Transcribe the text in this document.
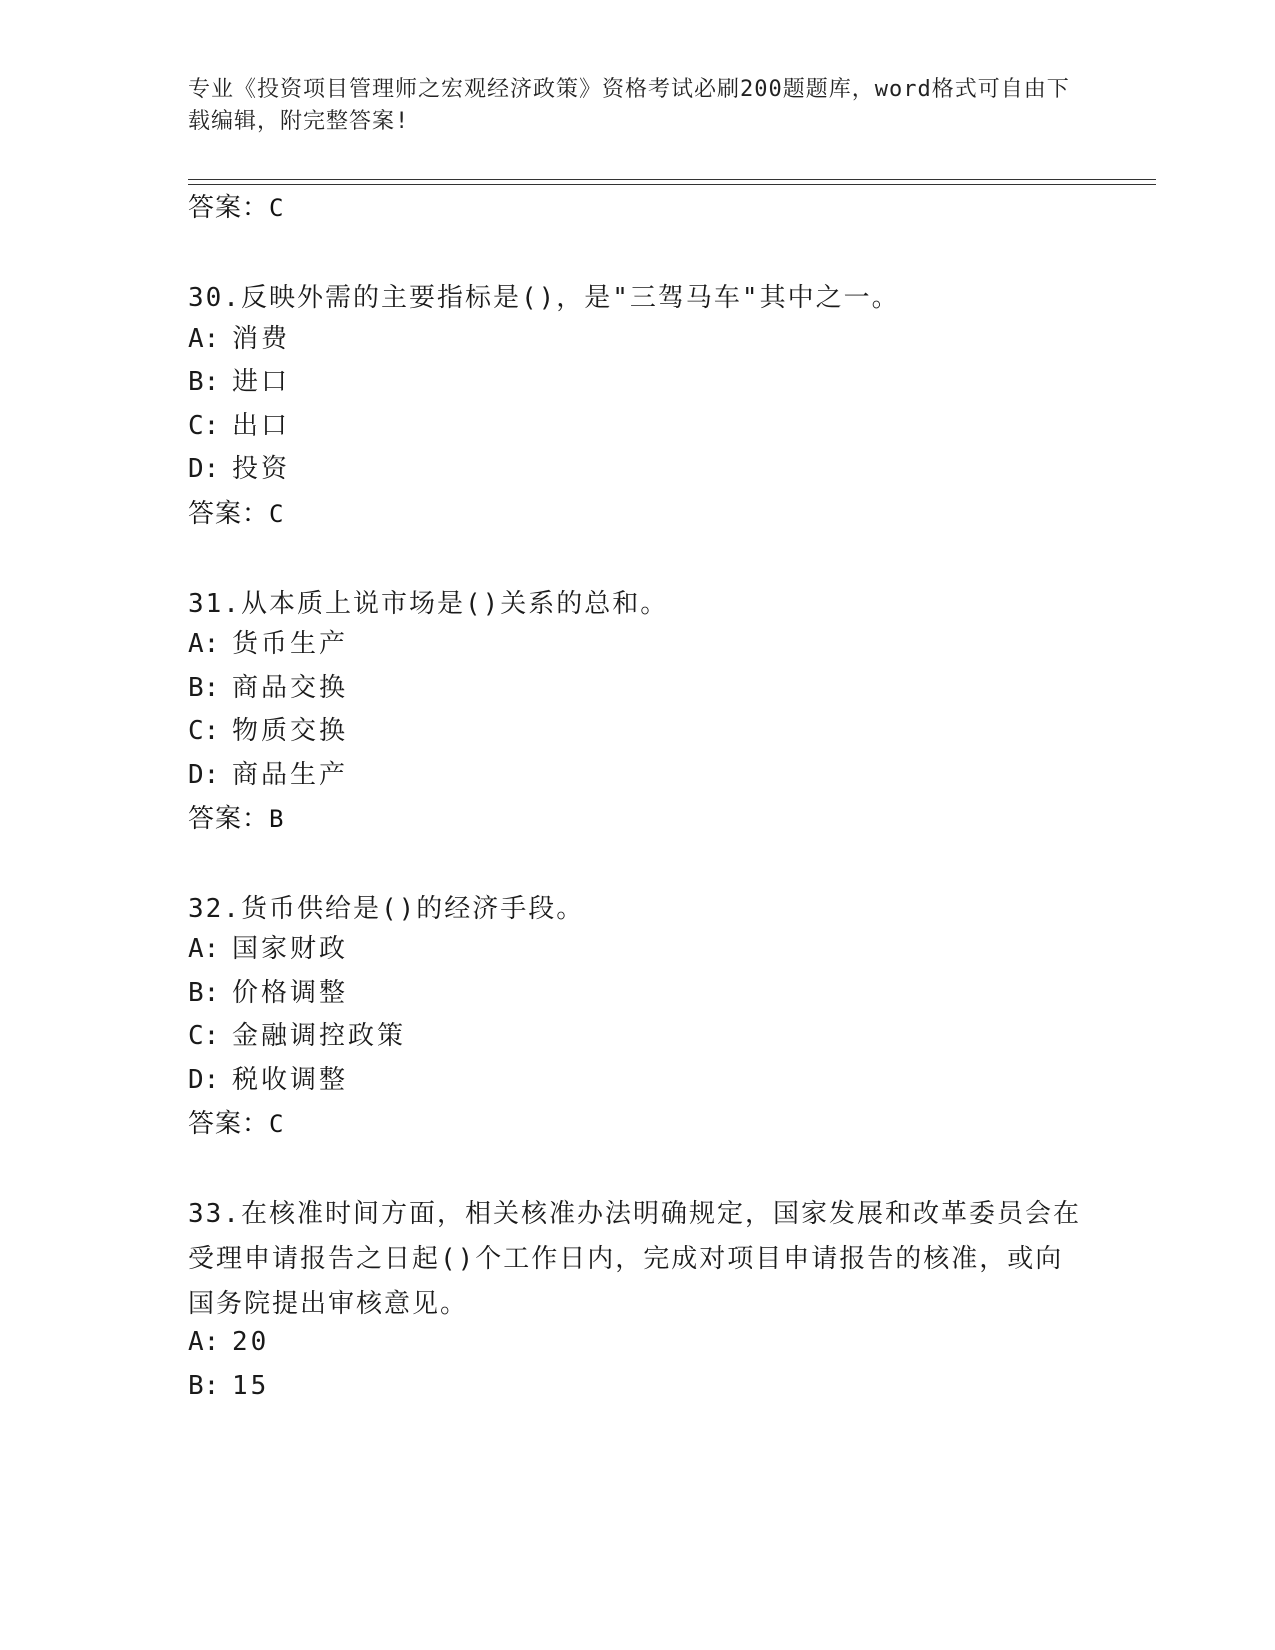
专业《投资项目管理师之宏观经济政策》资格考试必刷200题题库，word格式可自由下载编辑，附完整答案!
答案：C
30.反映外需的主要指标是()，是"三驾马车"其中之一。
A: 消费
B: 进口
C: 出口
D: 投资
答案：C
31.从本质上说市场是()关系的总和。
A: 货币生产
B: 商品交换
C: 物质交换
D: 商品生产
答案：B
32.货币供给是()的经济手段。
A: 国家财政
B: 价格调整
C: 金融调控政策
D: 税收调整
答案：C
33.在核准时间方面，相关核准办法明确规定，国家发展和改革委员会在受理申请报告之日起()个工作日内，完成对项目申请报告的核准，或向国务院提出审核意见。
A: 20
B: 15
